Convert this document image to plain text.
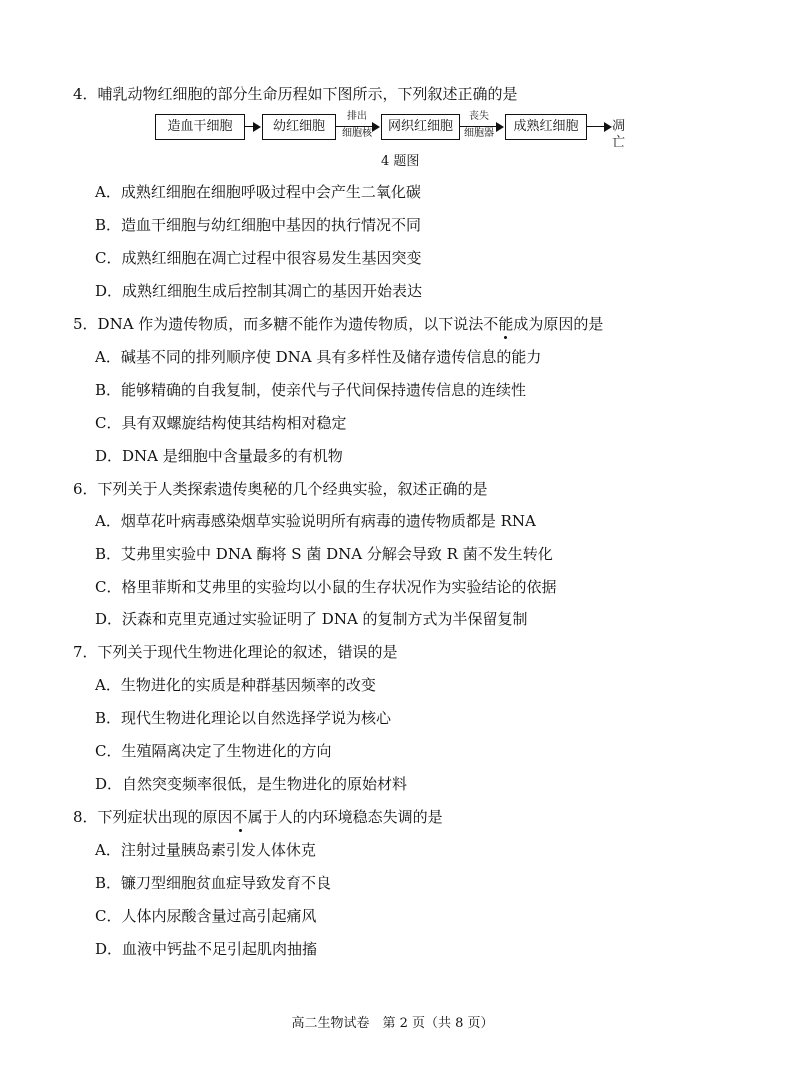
4．哺乳动物红细胞的部分生命历程如下图所示，下列叙述正确的是
造血干细胞	幼红细胞
排出
细胞核	网织红细胞
丧失
细胞器	成熟红细胞	凋亡
4 题图
A．成熟红细胞在细胞呼吸过程中会产生二氧化碳
B．造血干细胞与幼红细胞中基因的执行情况不同
C．成熟红细胞在凋亡过程中很容易发生基因突变
D．成熟红细胞生成后控制其凋亡的基因开始表达
5．DNA 作为遗传物质，而多糖不能作为遗传物质，以下说法不能成为原因的是
A．碱基不同的排列顺序使 DNA 具有多样性及储存遗传信息的能力
B．能够精确的自我复制，使亲代与子代间保持遗传信息的连续性
C．具有双螺旋结构使其结构相对稳定
D．DNA 是细胞中含量最多的有机物
6．下列关于人类探索遗传奥秘的几个经典实验，叙述正确的是
A．烟草花叶病毒感染烟草实验说明所有病毒的遗传物质都是 RNA
B．艾弗里实验中 DNA 酶将 S 菌 DNA 分解会导致 R 菌不发生转化
C．格里菲斯和艾弗里的实验均以小鼠的生存状况作为实验结论的依据
D．沃森和克里克通过实验证明了 DNA 的复制方式为半保留复制
7．下列关于现代生物进化理论的叙述，错误的是
A．生物进化的实质是种群基因频率的改变
B．现代生物进化理论以自然选择学说为核心
C．生殖隔离决定了生物进化的方向
D．自然突变频率很低，是生物进化的原始材料
8．下列症状出现的原因不属于人的内环境稳态失调的是
A．注射过量胰岛素引发人体休克
B．镰刀型细胞贫血症导致发育不良
C．人体内尿酸含量过高引起痛风
D．血液中钙盐不足引起肌肉抽搐
高二生物试卷　第 2 页（共 8 页）
